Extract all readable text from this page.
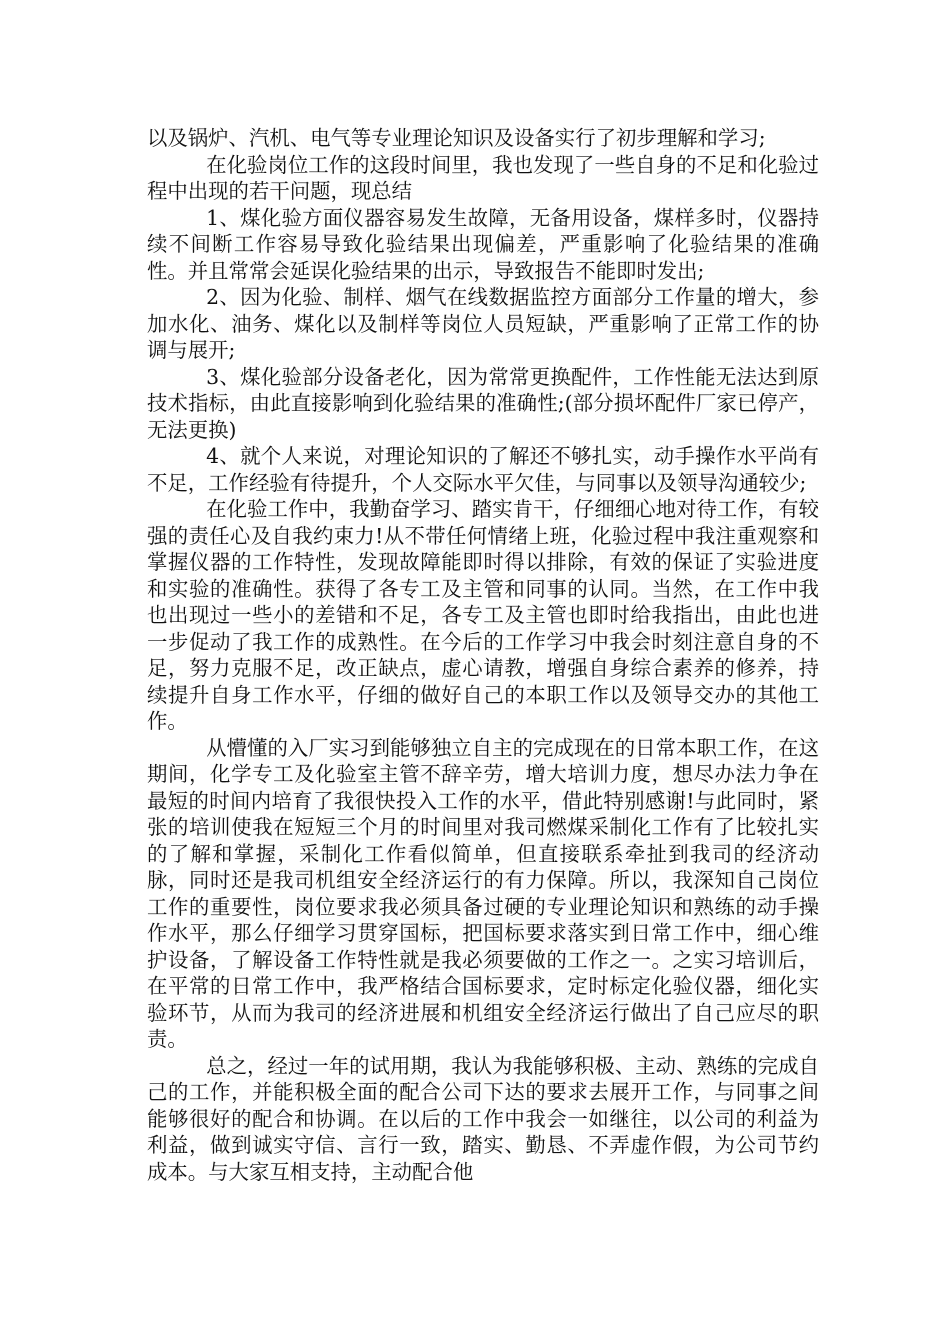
以及锅炉、汽机、电气等专业理论知识及设备实行了初步理解和学习;

在化验岗位工作的这段时间里，我也发现了一些自身的不足和化验过程中出现的若干问题，现总结

1、煤化验方面仪器容易发生故障，无备用设备，煤样多时，仪器持续不间断工作容易导致化验结果出现偏差，严重影响了化验结果的准确性。并且常常会延误化验结果的出示，导致报告不能即时发出;

2、因为化验、制样、烟气在线数据监控方面部分工作量的增大，参加水化、油务、煤化以及制样等岗位人员短缺，严重影响了正常工作的协调与展开;

3、煤化验部分设备老化，因为常常更换配件，工作性能无法达到原技术指标，由此直接影响到化验结果的准确性;(部分损坏配件厂家已停产，无法更换)

4、就个人来说，对理论知识的了解还不够扎实，动手操作水平尚有不足，工作经验有待提升，个人交际水平欠佳，与同事以及领导沟通较少;

在化验工作中，我勤奋学习、踏实肯干，仔细细心地对待工作，有较强的责任心及自我约束力!从不带任何情绪上班，化验过程中我注重观察和掌握仪器的工作特性，发现故障能即时得以排除，有效的保证了实验进度和实验的准确性。获得了各专工及主管和同事的认同。当然，在工作中我也出现过一些小的差错和不足，各专工及主管也即时给我指出，由此也进一步促动了我工作的成熟性。在今后的工作学习中我会时刻注意自身的不足，努力克服不足，改正缺点，虚心请教，增强自身综合素养的修养，持续提升自身工作水平，仔细的做好自己的本职工作以及领导交办的其他工作。

从懵懂的入厂实习到能够独立自主的完成现在的日常本职工作，在这期间，化学专工及化验室主管不辞辛劳，增大培训力度，想尽办法力争在最短的时间内培育了我很快投入工作的水平，借此特别感谢!与此同时，紧张的培训使我在短短三个月的时间里对我司燃煤采制化工作有了比较扎实的了解和掌握，采制化工作看似简单，但直接联系牵扯到我司的经济动脉，同时还是我司机组安全经济运行的有力保障。所以，我深知自己岗位工作的重要性，岗位要求我必须具备过硬的专业理论知识和熟练的动手操作水平，那么仔细学习贯穿国标，把国标要求落实到日常工作中，细心维护设备，了解设备工作特性就是我必须要做的工作之一。之实习培训后，在平常的日常工作中，我严格结合国标要求，定时标定化验仪器，细化实验环节，从而为我司的经济进展和机组安全经济运行做出了自己应尽的职责。

总之，经过一年的试用期，我认为我能够积极、主动、熟练的完成自己的工作，并能积极全面的配合公司下达的要求去展开工作，与同事之间能够很好的配合和协调。在以后的工作中我会一如继往，以公司的利益为利益，做到诚实守信、言行一致，踏实、勤恳、不弄虚作假，为公司节约成本。与大家互相支持，主动配合他
